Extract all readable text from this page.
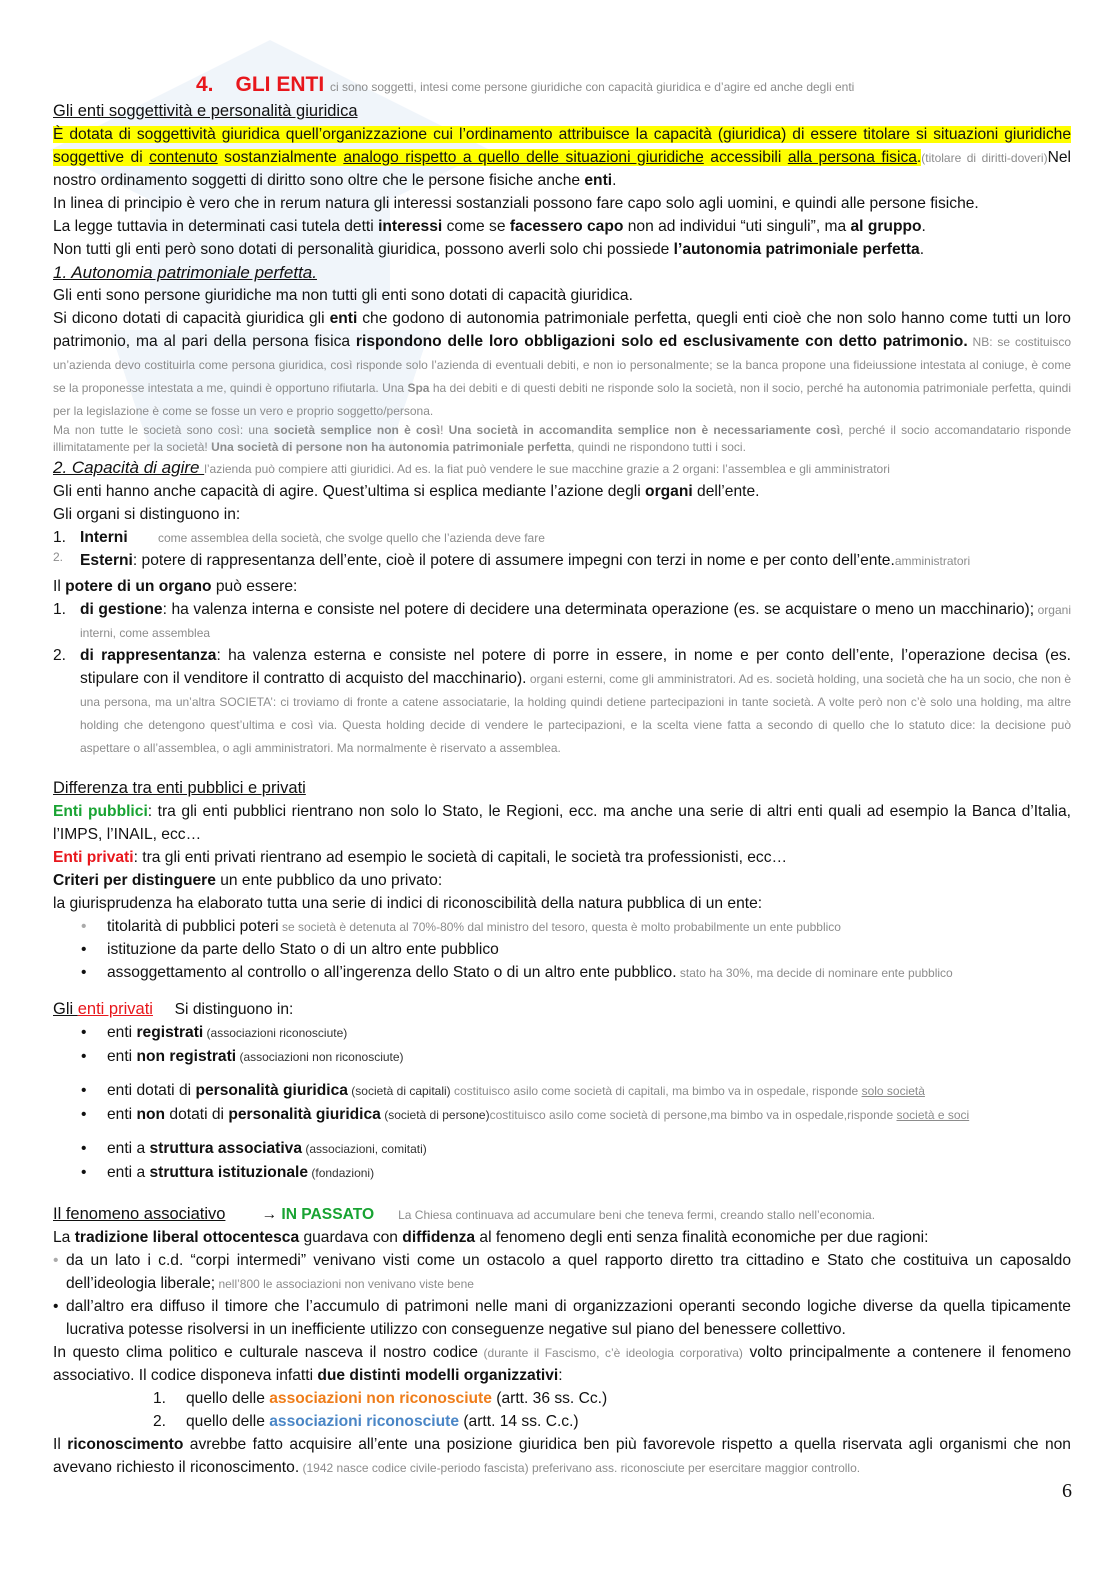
4. GLI ENTI ci sono soggetti, intesi come persone giuridiche con capacità giuridica e d’agire ed anche degli enti
Gli enti soggettività e personalità giuridica
È dotata di soggettività giuridica quell’organizzazione cui l’ordinamento attribuisce la capacità (giuridica) di essere titolare si situazioni giuridiche soggettive di contenuto sostanzialmente analogo rispetto a quello delle situazioni giuridiche accessibili alla persona fisica.(titolare di diritti-doveri)Nel nostro ordinamento soggetti di diritto sono oltre che le persone fisiche anche enti.
In linea di principio è vero che in rerum natura gli interessi sostanziali possono fare capo solo agli uomini, e quindi alle persone fisiche.
La legge tuttavia in determinati casi tutela detti interessi come se facessero capo non ad individui “uti singuli”, ma al gruppo.
Non tutti gli enti però sono dotati di personalità giuridica, possono averli solo chi possiede l’autonomia patrimoniale perfetta.
1. Autonomia patrimoniale perfetta.
Gli enti sono persone giuridiche ma non tutti gli enti sono dotati di capacità giuridica.
Si dicono dotati di capacità giuridica gli enti che godono di autonomia patrimoniale perfetta, quegli enti cioè che non solo hanno come tutti un loro patrimonio, ma al pari della persona fisica rispondono delle loro obbligazioni solo ed esclusivamente con detto patrimonio. NB: se costituisco un’azienda devo costituirla come persona giuridica, così risponde solo l’azienda di eventuali debiti, e non io personalmente; se la banca propone una fideiussione intestata al coniuge, è come se la proponesse intestata a me, quindi è opportuno rifiutarla. Una Spa ha dei debiti e di questi debiti ne risponde solo la società, non il socio, perché ha autonomia patrimoniale perfetta, quindi per la legislazione è come se fosse un vero e proprio soggetto/persona.
Ma non tutte le società sono così: una società semplice non è così! Una società in accomandita semplice non è necessariamente così, perché il socio accomandatario risponde illimitatamente per la società! Una società di persone non ha autonomia patrimoniale perfetta, quindi ne rispondono tutti i soci.
2. Capacità di agire l’azienda può compiere atti giuridici. Ad es. la fiat può vendere le sue macchine grazie a 2 organi: l’assemblea e gli amministratori
Gli enti hanno anche capacità di agire. Quest’ultima si esplica mediante l’azione degli organi dell’ente.
Gli organi si distinguono in:
1. Interni	come assemblea della società, che svolge quello che l’azienda deve fare
2.	Esterni: potere di rappresentanza dell’ente, cioè il potere di assumere impegni con terzi in nome e per conto dell’ente.amministratori
Il potere di un organo può essere:
1. di gestione: ha valenza interna e consiste nel potere di decidere una determinata operazione (es. se acquistare o meno un macchinario); organi interni, come assemblea
2. di rappresentanza: ha valenza esterna e consiste nel potere di porre in essere, in nome e per conto dell’ente, l’operazione decisa (es. stipulare con il venditore il contratto di acquisto del macchinario). organi esterni, come gli amministratori. Ad es. società holding, una società che ha un socio, che non è una persona, ma un’altra SOCIETA’: ci troviamo di fronte a catene associatarie, la holding quindi detiene partecipazioni in tante società. A volte però non c’è solo una holding, ma altre holding che detengono quest’ultima e così via. Questa holding decide di vendere le partecipazioni, e la scelta viene fatta a secondo di quello che lo statuto dice: la decisione può aspettare o all’assemblea, o agli amministratori. Ma normalmente è riservato a assemblea.
Differenza tra enti pubblici e privati
Enti pubblici: tra gli enti pubblici rientrano non solo lo Stato, le Regioni, ecc. ma anche una serie di altri enti quali ad esempio la Banca d’Italia, l’IMPS, l’INAIL, ecc…
Enti privati: tra gli enti privati rientrano ad esempio le società di capitali, le società tra professionisti, ecc…
Criteri per distinguere un ente pubblico da uno privato:
la giurisprudenza ha elaborato tutta una serie di indici di riconoscibilità della natura pubblica di un ente:
•	titolarità di pubblici poteri se società è detenuta al 70%-80% dal ministro del tesoro, questa è molto probabilmente un ente pubblico
•	istituzione da parte dello Stato o di un altro ente pubblico
•	assoggettamento al controllo o all’ingerenza dello Stato o di un altro ente pubblico. stato ha 30%, ma decide di nominare ente pubblico
Gli enti privati     Si distinguono in:
•	enti registrati (associazioni riconosciute)
•	enti non registrati (associazioni non riconosciute)
•	enti dotati di personalità giuridica (società di capitali) costituisco asilo come società di capitali, ma bimbo va in ospedale, risponde solo società
•	enti non dotati di personalità giuridica (società di persone)costituisco asilo come società di persone,ma bimbo va in ospedale,risponde società e soci
•	enti a struttura associativa (associazioni, comitati)
•	enti a struttura istituzionale (fondazioni)
Il fenomeno associativo → IN PASSATO La Chiesa continuava ad accumulare beni che teneva fermi, creando stallo nell’economia.
La tradizione liberal ottocentesca guardava con diffidenza al fenomeno degli enti senza finalità economiche per due ragioni:
• da un lato i c.d. “corpi intermedi” venivano visti come un ostacolo a quel rapporto diretto tra cittadino e Stato che costituiva un caposaldo dell’ideologia liberale; nell’800 le associazioni non venivano viste bene
• dall’altro era diffuso il timore che l’accumulo di patrimoni nelle mani di organizzazioni operanti secondo logiche diverse da quella tipicamente lucrativa potesse risolversi in un inefficiente utilizzo con conseguenze negative sul piano del benessere collettivo.
In questo clima politico e culturale nasceva il nostro codice (durante il Fascismo, c’è ideologia corporativa) volto principalmente a contenere il fenomeno associativo. Il codice disponeva infatti due distinti modelli organizzativi:
1.	quello delle associazioni non riconosciute (artt. 36 ss. Cc.)
2.	quello delle associazioni riconosciute (artt. 14 ss. C.c.)
Il riconoscimento avrebbe fatto acquisire all’ente una posizione giuridica ben più favorevole rispetto a quella riservata agli organismi che non avevano richiesto il riconoscimento. (1942 nasce codice civile-periodo fascista) preferivano ass. riconosciute per esercitare maggior controllo.
6
